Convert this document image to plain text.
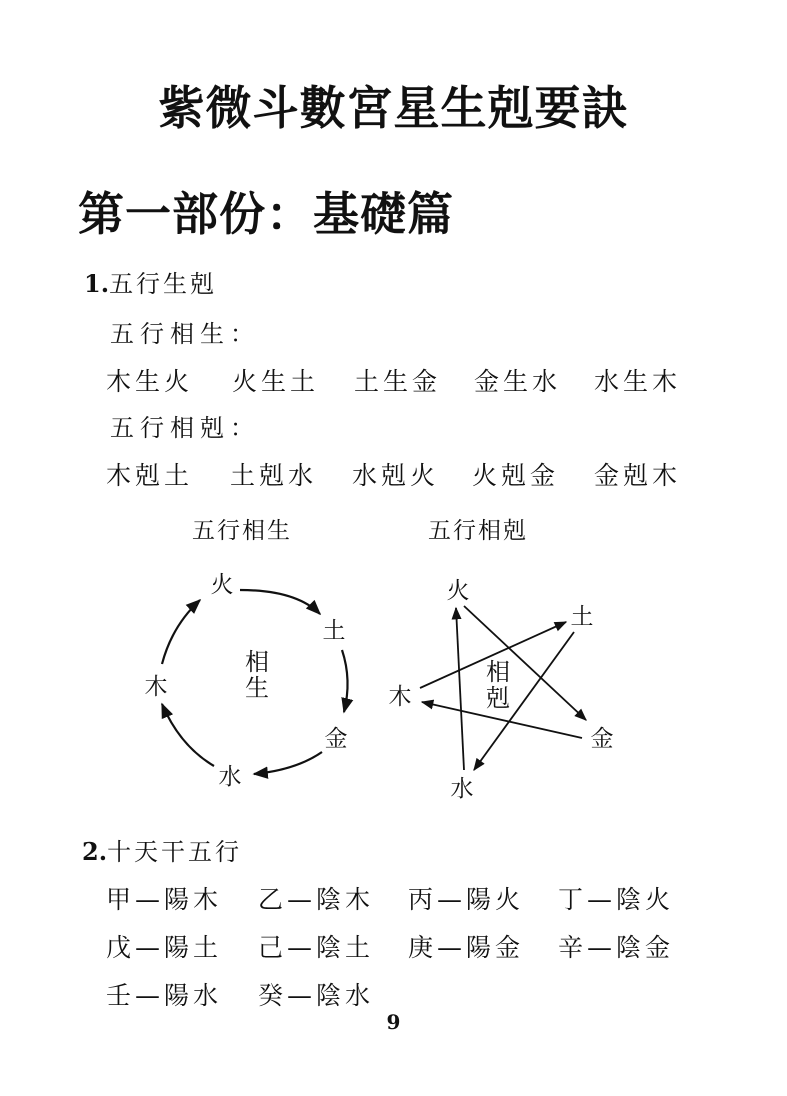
紫微斗數宮星生剋要訣
第一部份：基礎篇
1.五行生剋
五行相生：
木生火 火生土 土生金 金生水 水生木
五行相剋：
木剋土 土剋水 水剋火 火剋金 金剋木
五行相生	五行相剋
火
土
金
水
木
相
生
火
土
金
水
木
相
剋
2.十天干五行
甲—陽木 乙—陰木 丙—陽火 丁—陰火
戊—陽土 己—陰土 庚—陽金 辛—陰金
壬—陽水 癸—陰水
9
